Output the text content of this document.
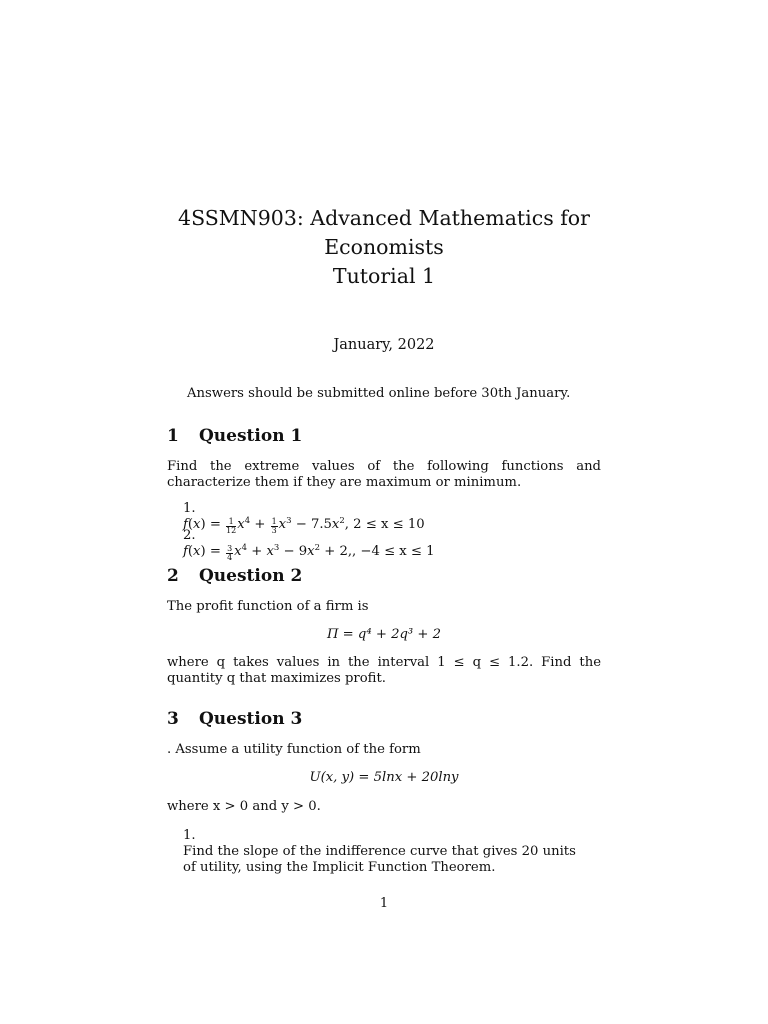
4SSMN903: Advanced Mathematics for
Economists
Tutorial 1
January, 2022
Answers should be submitted online before 30th January.
1 Question 1
Find the extreme values of the following functions and characterize them if they are maximum or minimum.
1. $f(x) = \frac{1}{12} x^4 + \frac{1}{3} x^3 - 7.5x^2$, 2 ≤ x ≤ 10
2. $f(x) = \frac{3}{4} x^4 + x^3 - 9x^2 + 2$,, −4 ≤ x ≤ 1
2 Question 2
The profit function of a firm is
Π = q⁴ + 2q³ + 2
where q takes values in the interval 1 ≤ q ≤ 1.2. Find the quantity q that maximizes profit.
3 Question 3
. Assume a utility function of the form
U(x, y) = 5lnx + 20lny
where x > 0 and y > 0.
1. Find the slope of the indifference curve that gives 20 units of utility, using the Implicit Function Theorem.
1
